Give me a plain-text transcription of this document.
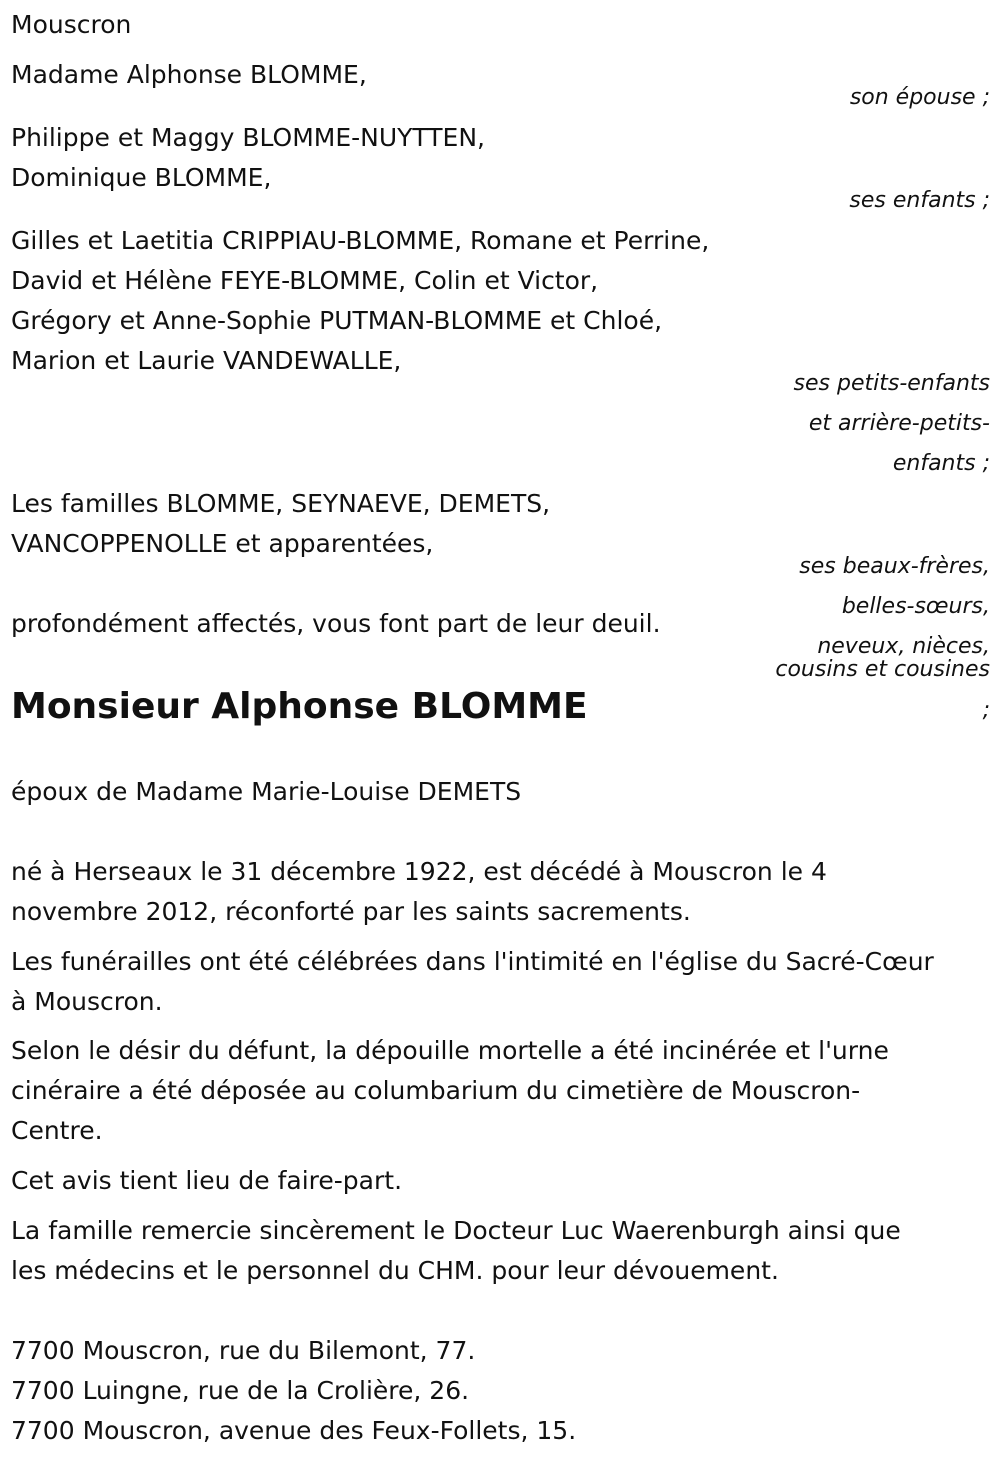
Mouscron
Madame Alphonse BLOMME,
son épouse ;
Philippe et Maggy BLOMME-NUYTTEN,
Dominique BLOMME,
ses enfants ;
Gilles et Laetitia CRIPPIAU-BLOMME, Romane et Perrine,
David et Hélène FEYE-BLOMME, Colin et Victor,
Grégory et Anne-Sophie PUTMAN-BLOMME et Chloé,
Marion et Laurie VANDEWALLE,
ses petits-enfants
et arrière-petits-
enfants ;
Les familles BLOMME, SEYNAEVE, DEMETS,
VANCOPPENOLLE et apparentées,
ses beaux-frères,
belles-sœurs,
neveux, nièces,
cousins et cousines
;
profondément affectés, vous font part de leur deuil.
Monsieur Alphonse BLOMME
époux de Madame Marie-Louise DEMETS
né à Herseaux le 31 décembre 1922, est décédé à Mouscron le 4
novembre 2012, réconforté par les saints sacrements.
Les funérailles ont été célébrées dans l'intimité en l'église du Sacré-Cœur
à Mouscron.
Selon le désir du défunt, la dépouille mortelle a été incinérée et l'urne
cinéraire a été déposée au columbarium du cimetière de Mouscron-
Centre.
Cet avis tient lieu de faire-part.
La famille remercie sincèrement le Docteur Luc Waerenburgh ainsi que
les médecins et le personnel du CHM. pour leur dévouement.
7700 Mouscron, rue du Bilemont, 77.
7700 Luingne, rue de la Crolière, 26.
7700 Mouscron, avenue des Feux-Follets, 15.
